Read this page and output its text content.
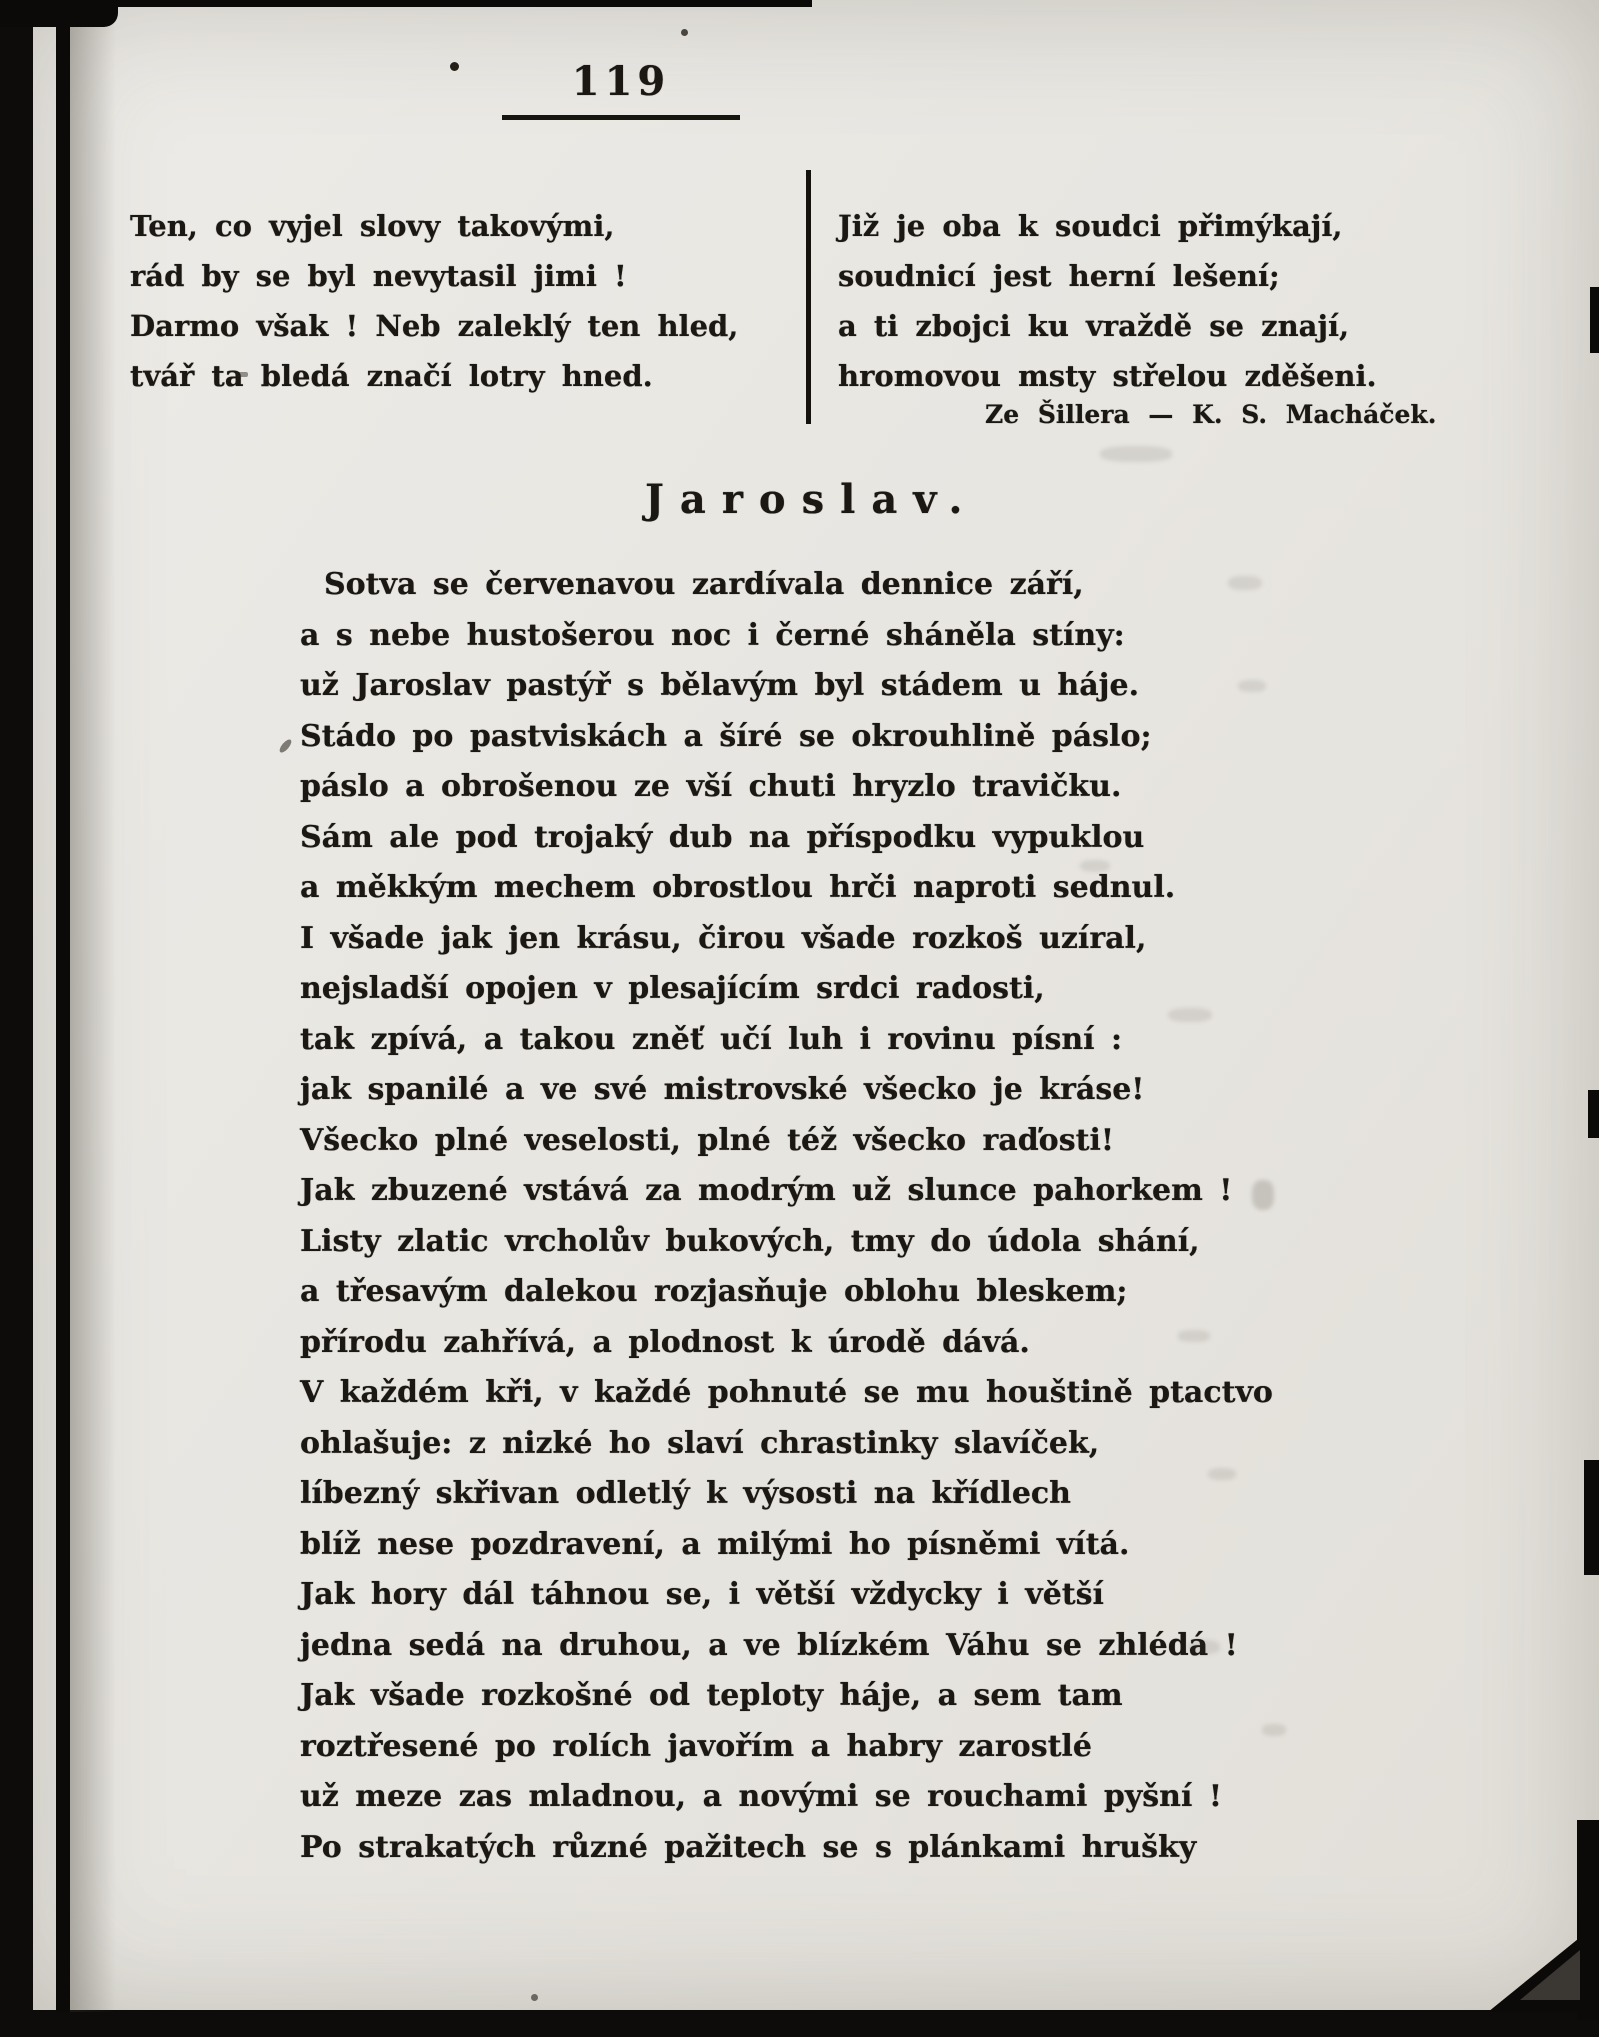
119
Ten, co vyjel slovy takovými,
rád by se byl nevytasil jimi !
Darmo však ! Neb zaleklý ten hled,
tvář ta bledá značí lotry hned.
Již je oba k soudci přimýkají,
soudnicí jest herní lešení;
a ti zbojci ku vraždě se znají,
hromovou msty střelou zděšeni.
Ze Šillera — K. S. Macháček.
Jaroslav.
Sotva se červenavou zardívala dennice září,
a s nebe hustošerou noc i černé sháněla stíny:
už Jaroslav pastýř s bělavým byl stádem u háje.
Stádo po pastviskách a šíré se okrouhlině páslo;
páslo a obrošenou ze vší chuti hryzlo travičku.
Sám ale pod trojaký dub na příspodku vypuklou
a měkkým mechem obrostlou hrči naproti sednul.
I všade jak jen krásu, čirou všade rozkoš uzíral,
nejsladší opojen v plesajícím srdci radosti,
tak zpívá, a takou zněť učí luh i rovinu písní :
jak spanilé a ve své mistrovské všecko je kráse!
Všecko plné veselosti, plné též všecko raďosti!
Jak zbuzené vstává za modrým už slunce pahorkem !
Listy zlatic vrcholův bukových, tmy do údola shání,
a třesavým dalekou rozjasňuje oblohu bleskem;
přírodu zahřívá, a plodnost k úrodě dává.
V každém kři, v každé pohnuté se mu houštině ptactvo
ohlašuje: z nizké ho slaví chrastinky slavíček,
líbezný skřivan odletlý k výsosti na křídlech
blíž nese pozdravení, a milými ho písněmi vítá.
Jak hory dál táhnou se, i větší vždycky i větší
jedna sedá na druhou, a ve blízkém Váhu se zhlédá !
Jak všade rozkošné od teploty háje, a sem tam
roztřesené po rolích javořím a habry zarostlé
už meze zas mladnou, a novými se rouchami pyšní !
Po strakatých různé pažitech se s plánkami hrušky
